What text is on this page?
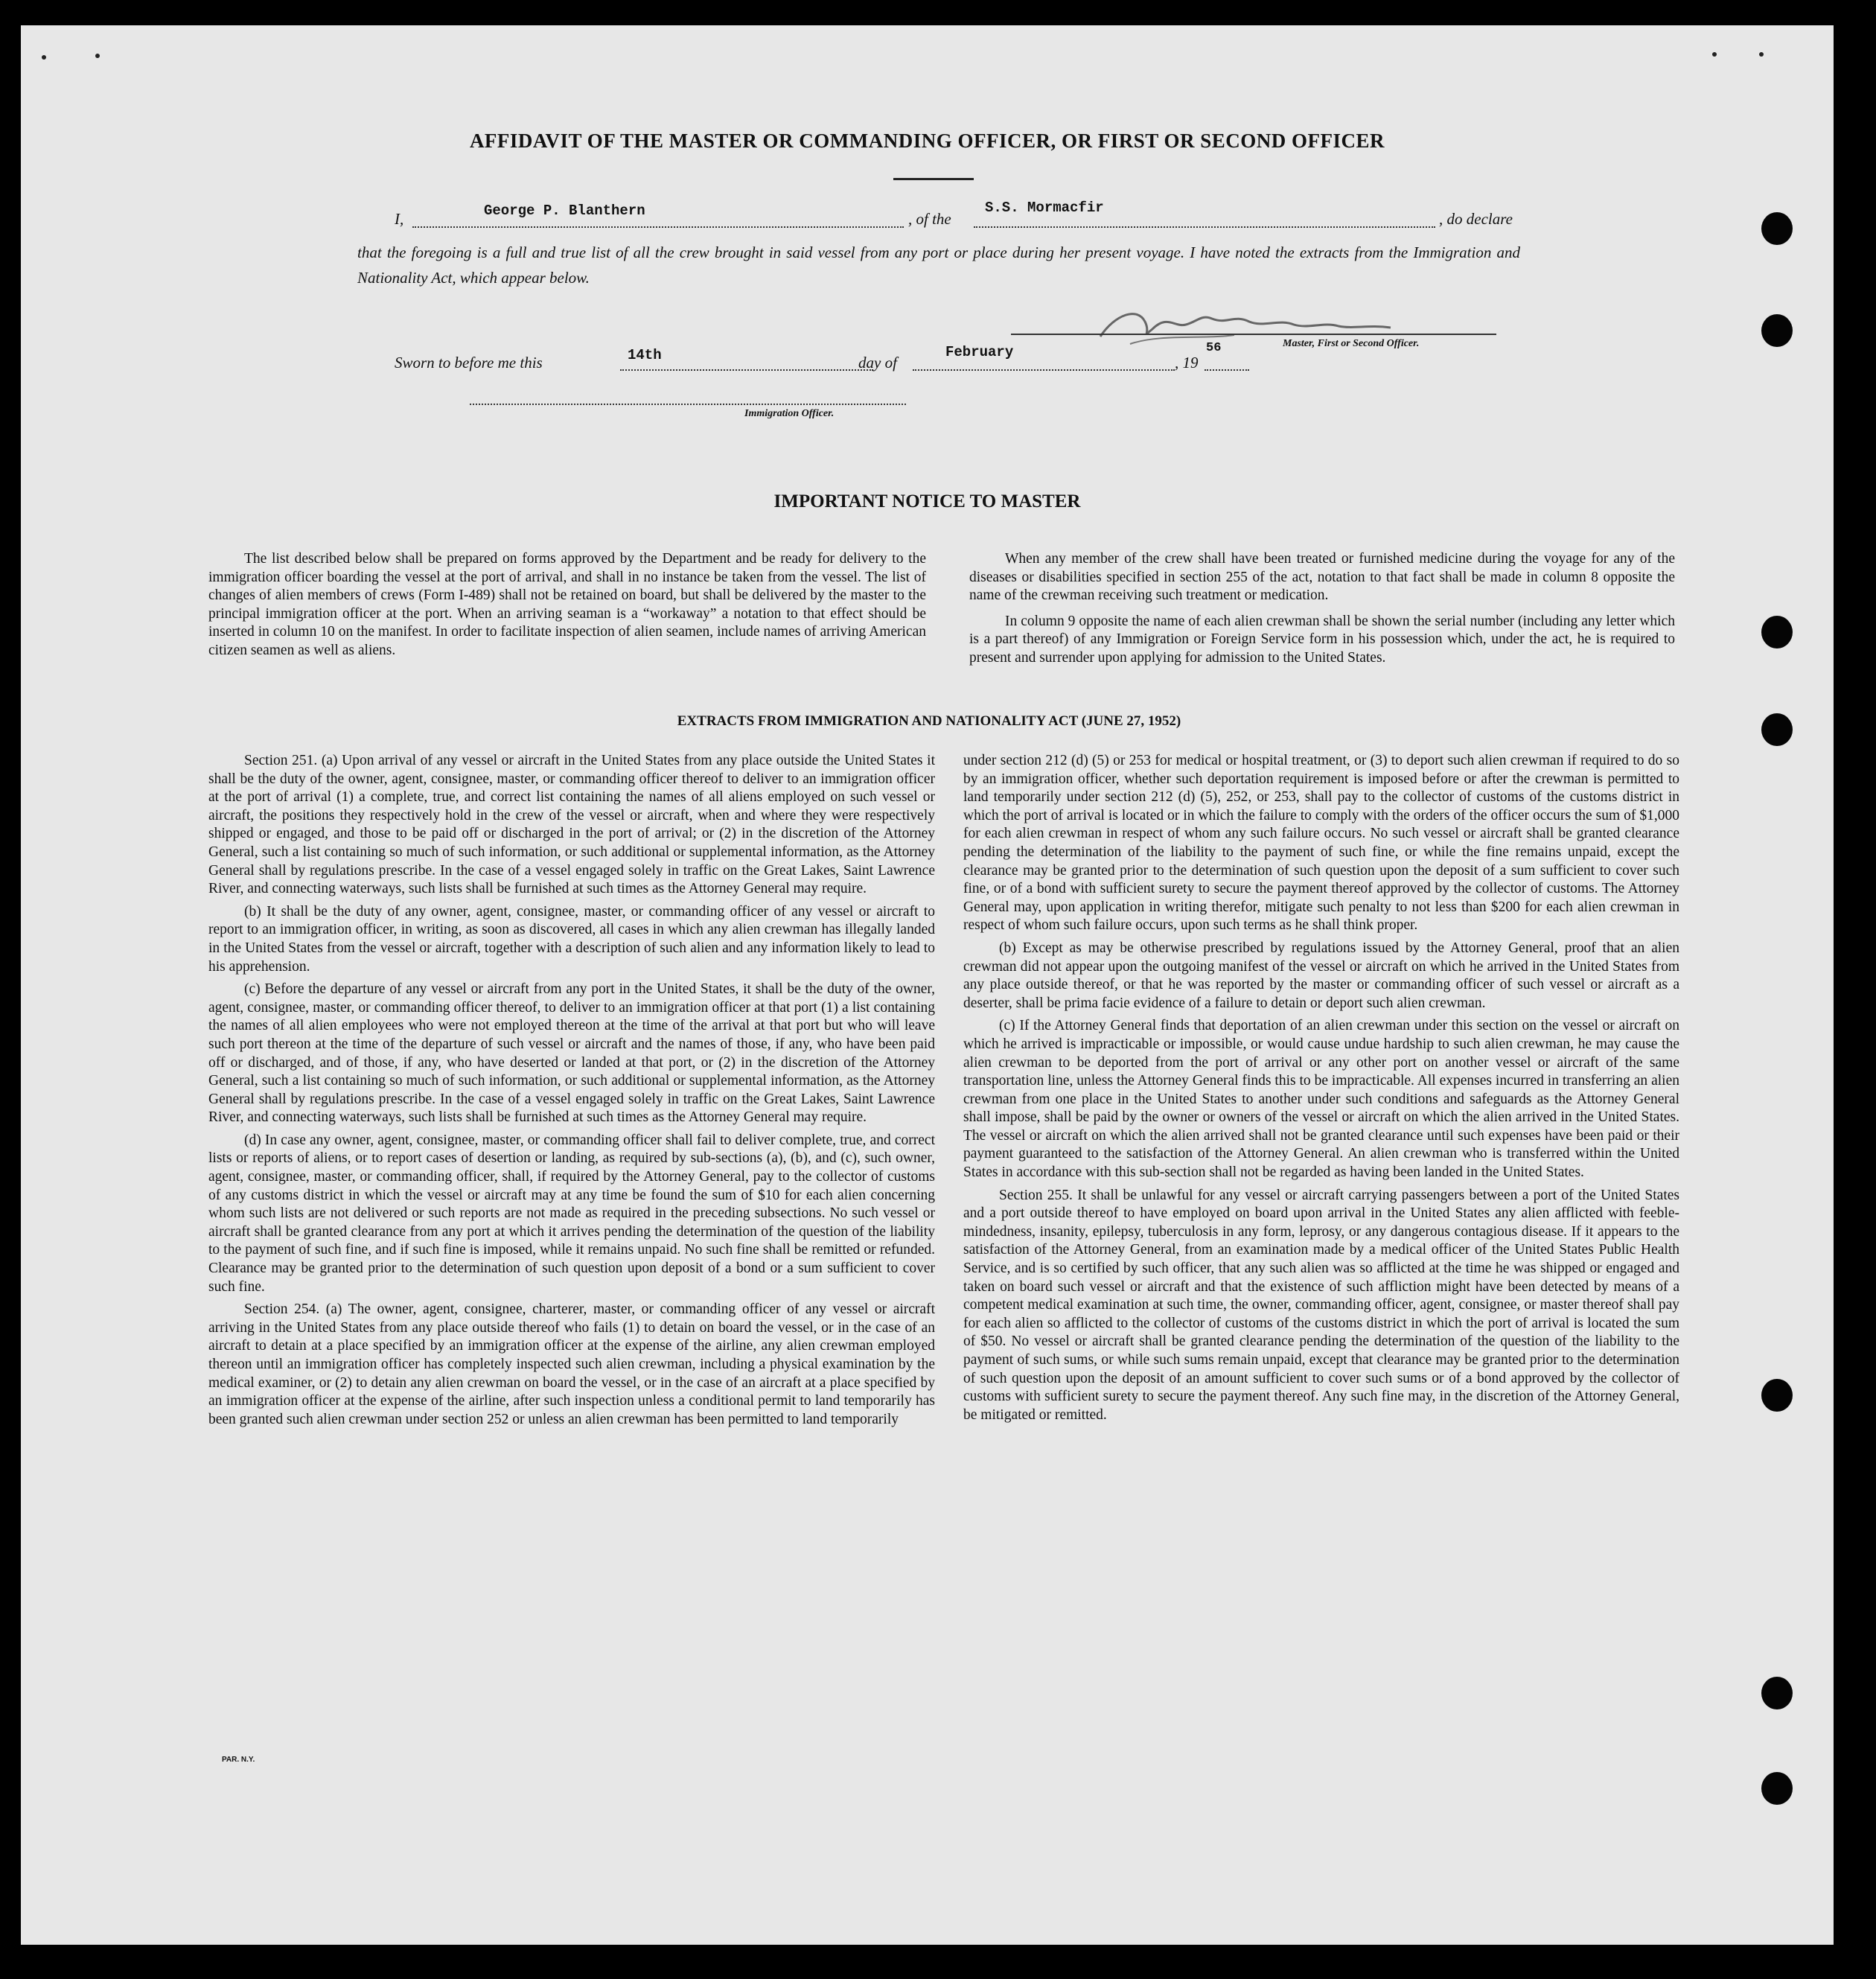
AFFIDAVIT OF THE MASTER OR COMMANDING OFFICER, OR FIRST OR SECOND OFFICER
I,	George P. Blanthern	, of the
S.S. Mormacfir
, do declare
that the foregoing is a full and true list of all the crew brought in said vessel from any port or place during her present voyage. I have noted the extracts from the Immigration and Nationality Act, which appear below.
Master, First or Second Officer.
Sworn to before me this	14th	day of
February
, 19
56
Immigration Officer.
IMPORTANT NOTICE TO MASTER

The list described below shall be prepared on forms approved by the Department and be ready for delivery to the immigration officer boarding the vessel at the port of arrival, and shall in no instance be taken from the vessel. The list of changes of alien members of crews (Form I-489) shall not be retained on board, but shall be delivered by the master to the principal immigration officer at the port. When an arriving seaman is a “workaway” a notation to that effect should be inserted in column 10 on the manifest. In order to facilitate inspection of alien seamen, include names of arriving American citizen seamen as well as aliens.

When any member of the crew shall have been treated or furnished medicine during the voyage for any of the diseases or disabilities specified in section 255 of the act, notation to that fact shall be made in column 8 opposite the name of the crewman receiving such treatment or medication.

In column 9 opposite the name of each alien crewman shall be shown the serial number (including any letter which is a part thereof) of any Immigration or Foreign Service form in his possession which, under the act, he is required to present and surrender upon applying for admission to the United States.

EXTRACTS FROM IMMIGRATION AND NATIONALITY ACT (JUNE 27, 1952)

Section 251. (a) Upon arrival of any vessel or aircraft in the United States from any place outside the United States it shall be the duty of the owner, agent, consignee, master, or commanding officer thereof to deliver to an immigration officer at the port of arrival (1) a complete, true, and correct list containing the names of all aliens employed on such vessel or aircraft, the positions they respectively hold in the crew of the vessel or aircraft, when and where they were respectively shipped or engaged, and those to be paid off or discharged in the port of arrival; or (2) in the discretion of the Attorney General, such a list containing so much of such information, or such additional or supplemental information, as the Attorney General shall by regulations prescribe. In the case of a vessel engaged solely in traffic on the Great Lakes, Saint Lawrence River, and connecting waterways, such lists shall be furnished at such times as the Attorney General may require.

(b) It shall be the duty of any owner, agent, consignee, master, or commanding officer of any vessel or aircraft to report to an immigration officer, in writing, as soon as discovered, all cases in which any alien crewman has illegally landed in the United States from the vessel or aircraft, together with a description of such alien and any information likely to lead to his apprehension.

(c) Before the departure of any vessel or aircraft from any port in the United States, it shall be the duty of the owner, agent, consignee, master, or commanding officer thereof, to deliver to an immigration officer at that port (1) a list containing the names of all alien employees who were not employed thereon at the time of the arrival at that port but who will leave such port thereon at the time of the departure of such vessel or aircraft and the names of those, if any, who have been paid off or discharged, and of those, if any, who have deserted or landed at that port, or (2) in the discretion of the Attorney General, such a list containing so much of such information, or such additional or supplemental information, as the Attorney General shall by regulations prescribe. In the case of a vessel engaged solely in traffic on the Great Lakes, Saint Lawrence River, and connecting waterways, such lists shall be furnished at such times as the Attorney General may require.

(d) In case any owner, agent, consignee, master, or commanding officer shall fail to deliver complete, true, and correct lists or reports of aliens, or to report cases of desertion or landing, as required by sub-sections (a), (b), and (c), such owner, agent, consignee, master, or commanding officer, shall, if required by the Attorney General, pay to the collector of customs of any customs district in which the vessel or aircraft may at any time be found the sum of $10 for each alien concerning whom such lists are not delivered or such reports are not made as required in the preceding subsections. No such vessel or aircraft shall be granted clearance from any port at which it arrives pending the determination of the question of the liability to the payment of such fine, and if such fine is imposed, while it remains unpaid. No such fine shall be remitted or refunded. Clearance may be granted prior to the determination of such question upon deposit of a bond or a sum sufficient to cover such fine.

Section 254. (a) The owner, agent, consignee, charterer, master, or commanding officer of any vessel or aircraft arriving in the United States from any place outside thereof who fails (1) to detain on board the vessel, or in the case of an aircraft to detain at a place specified by an immigration officer at the expense of the airline, any alien crewman employed thereon until an immigration officer has completely inspected such alien crewman, including a physical examination by the medical examiner, or (2) to detain any alien crewman on board the vessel, or in the case of an aircraft at a place specified by an immigration officer at the expense of the airline, after such inspection unless a conditional permit to land temporarily has been granted such alien crewman under section 252 or unless an alien crewman has been permitted to land temporarily

under section 212 (d) (5) or 253 for medical or hospital treatment, or (3) to deport such alien crewman if required to do so by an immigration officer, whether such deportation requirement is imposed before or after the crewman is permitted to land temporarily under section 212 (d) (5), 252, or 253, shall pay to the collector of customs of the customs district in which the port of arrival is located or in which the failure to comply with the orders of the officer occurs the sum of $1,000 for each alien crewman in respect of whom any such failure occurs. No such vessel or aircraft shall be granted clearance pending the determination of the liability to the payment of such fine, or while the fine remains unpaid, except the clearance may be granted prior to the determination of such question upon the deposit of a sum sufficient to cover such fine, or of a bond with sufficient surety to secure the payment thereof approved by the collector of customs. The Attorney General may, upon application in writing therefor, mitigate such penalty to not less than $200 for each alien crewman in respect of whom such failure occurs, upon such terms as he shall think proper.

(b) Except as may be otherwise prescribed by regulations issued by the Attorney General, proof that an alien crewman did not appear upon the outgoing manifest of the vessel or aircraft on which he arrived in the United States from any place outside thereof, or that he was reported by the master or commanding officer of such vessel or aircraft as a deserter, shall be prima facie evidence of a failure to detain or deport such alien crewman.

(c) If the Attorney General finds that deportation of an alien crewman under this section on the vessel or aircraft on which he arrived is impracticable or impossible, or would cause undue hardship to such alien crewman, he may cause the alien crewman to be deported from the port of arrival or any other port on another vessel or aircraft of the same transportation line, unless the Attorney General finds this to be impracticable. All expenses incurred in transferring an alien crewman from one place in the United States to another under such conditions and safeguards as the Attorney General shall impose, shall be paid by the owner or owners of the vessel or aircraft on which the alien arrived in the United States. The vessel or aircraft on which the alien arrived shall not be granted clearance until such expenses have been paid or their payment guaranteed to the satisfaction of the Attorney General. An alien crewman who is transferred within the United States in accordance with this sub-section shall not be regarded as having been landed in the United States.

Section 255. It shall be unlawful for any vessel or aircraft carrying passengers between a port of the United States and a port outside thereof to have employed on board upon arrival in the United States any alien afflicted with feeble-mindedness, insanity, epilepsy, tuberculosis in any form, leprosy, or any dangerous contagious disease. If it appears to the satisfaction of the Attorney General, from an examination made by a medical officer of the United States Public Health Service, and is so certified by such officer, that any such alien was so afflicted at the time he was shipped or engaged and taken on board such vessel or aircraft and that the existence of such affliction might have been detected by means of a competent medical examination at such time, the owner, commanding officer, agent, consignee, or master thereof shall pay for each alien so afflicted to the collector of customs of the customs district in which the port of arrival is located the sum of $50. No vessel or aircraft shall be granted clearance pending the determination of the question of the liability to the payment of such sums, or while such sums remain unpaid, except that clearance may be granted prior to the determination of such question upon the deposit of an amount sufficient to cover such sums or of a bond approved by the collector of customs with sufficient surety to secure the payment thereof. Any such fine may, in the discretion of the Attorney General, be mitigated or remitted.

PAR. N.Y.
